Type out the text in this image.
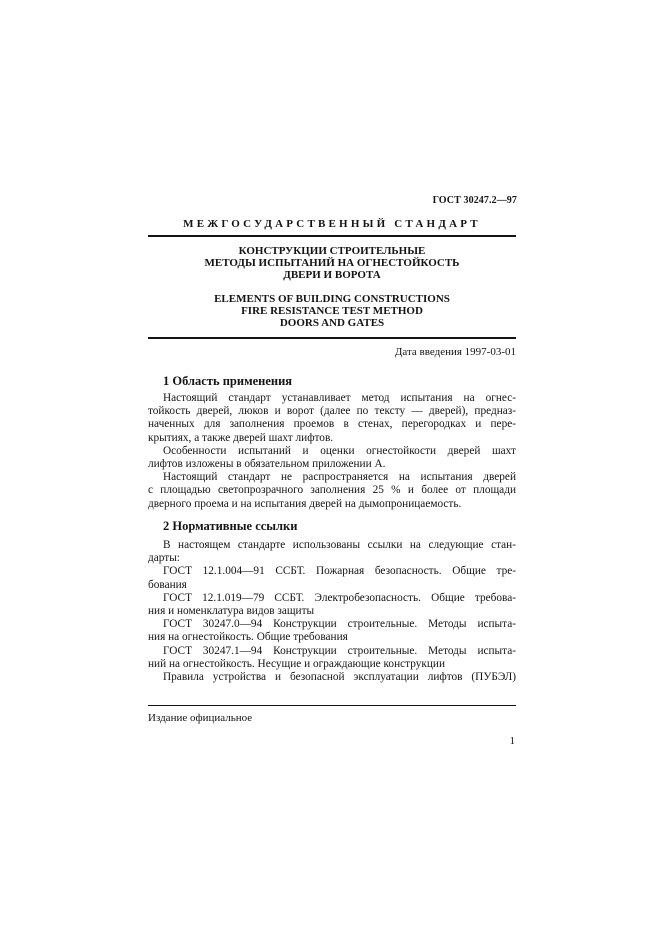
ГОСТ 30247.2—97
МЕЖГОСУДАРСТВЕННЫЙ СТАНДАРТ
КОНСТРУКЦИИ СТРОИТЕЛЬНЫЕ
МЕТОДЫ ИСПЫТАНИЙ НА ОГНЕСТОЙКОСТЬ
ДВЕРИ И ВОРОТА
ELEMENTS OF BUILDING CONSTRUCTIONS
FIRE RESISTANCE TEST METHOD
DOORS AND GATES
Дата введения 1997-03-01
1 Область применения
Настоящий стандарт устанавливает метод испытания на огнес-
тойкость дверей, люков и ворот (далее по тексту — дверей), предназ-
наченных для заполнения проемов в стенах, перегородках и пере-
крытиях, а также дверей шахт лифтов.
Особенности испытаний и оценки огнестойкости дверей шахт
лифтов изложены в обязательном приложении А.
Настоящий стандарт не распространяется на испытания дверей
с площадью светопрозрачного заполнения 25 % и более от площади
дверного проема и на испытания дверей на дымопроницаемость.
2 Нормативные ссылки
В настоящем стандарте использованы ссылки на следующие стан-
дарты:
ГОСТ 12.1.004—91 ССБТ. Пожарная безопасность. Общие тре-
бования
ГОСТ 12.1.019—79 ССБТ. Электробезопасность. Общие требова-
ния и номенклатура видов защиты
ГОСТ 30247.0—94 Конструкции строительные. Методы испыта-
ния на огнестойкость. Общие требования
ГОСТ 30247.1—94 Конструкции строительные. Методы испыта-
ний на огнестойкость. Несущие и ограждающие конструкции
Правила устройства и безопасной эксплуатации лифтов (ПУБЭЛ)
Издание официальное
1
